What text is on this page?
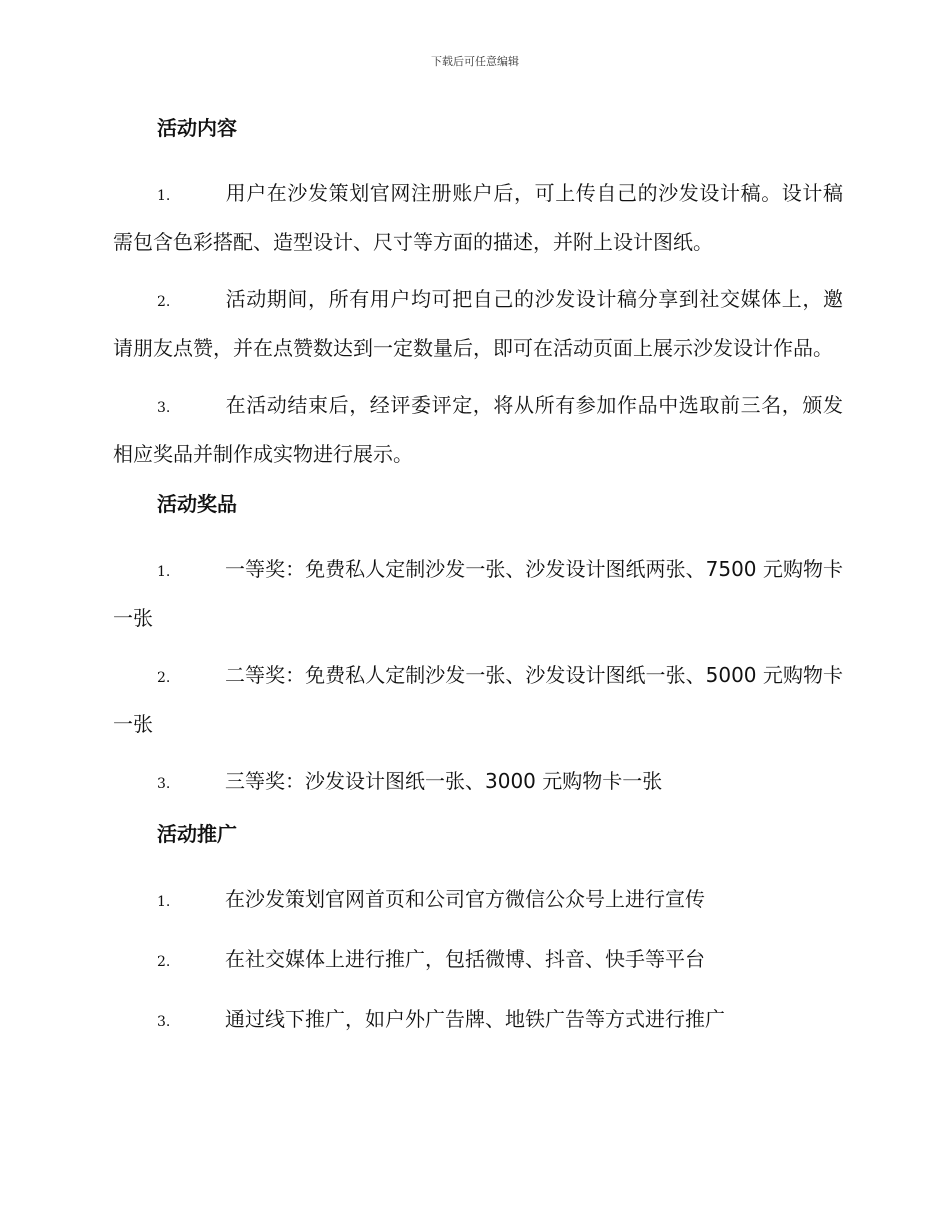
下载后可任意编辑
活动内容

1.	用户在沙发策划官网注册账户后，可上传自己的沙发设计稿。设计稿需包含色彩搭配、造型设计、尺寸等方面的描述，并附上设计图纸。

2.	活动期间，所有用户均可把自己的沙发设计稿分享到社交媒体上，邀请朋友点赞，并在点赞数达到一定数量后，即可在活动页面上展示沙发设计作品。

3.	在活动结束后，经评委评定，将从所有参加作品中选取前三名，颁发相应奖品并制作成实物进行展示。

活动奖品

1.	一等奖：免费私人定制沙发一张、沙发设计图纸两张、7500 元购物卡一张

2.	二等奖：免费私人定制沙发一张、沙发设计图纸一张、5000 元购物卡一张

3.	三等奖：沙发设计图纸一张、3000 元购物卡一张

活动推广

1.	在沙发策划官网首页和公司官方微信公众号上进行宣传

2.	在社交媒体上进行推广，包括微博、抖音、快手等平台

3.	通过线下推广，如户外广告牌、地铁广告等方式进行推广
